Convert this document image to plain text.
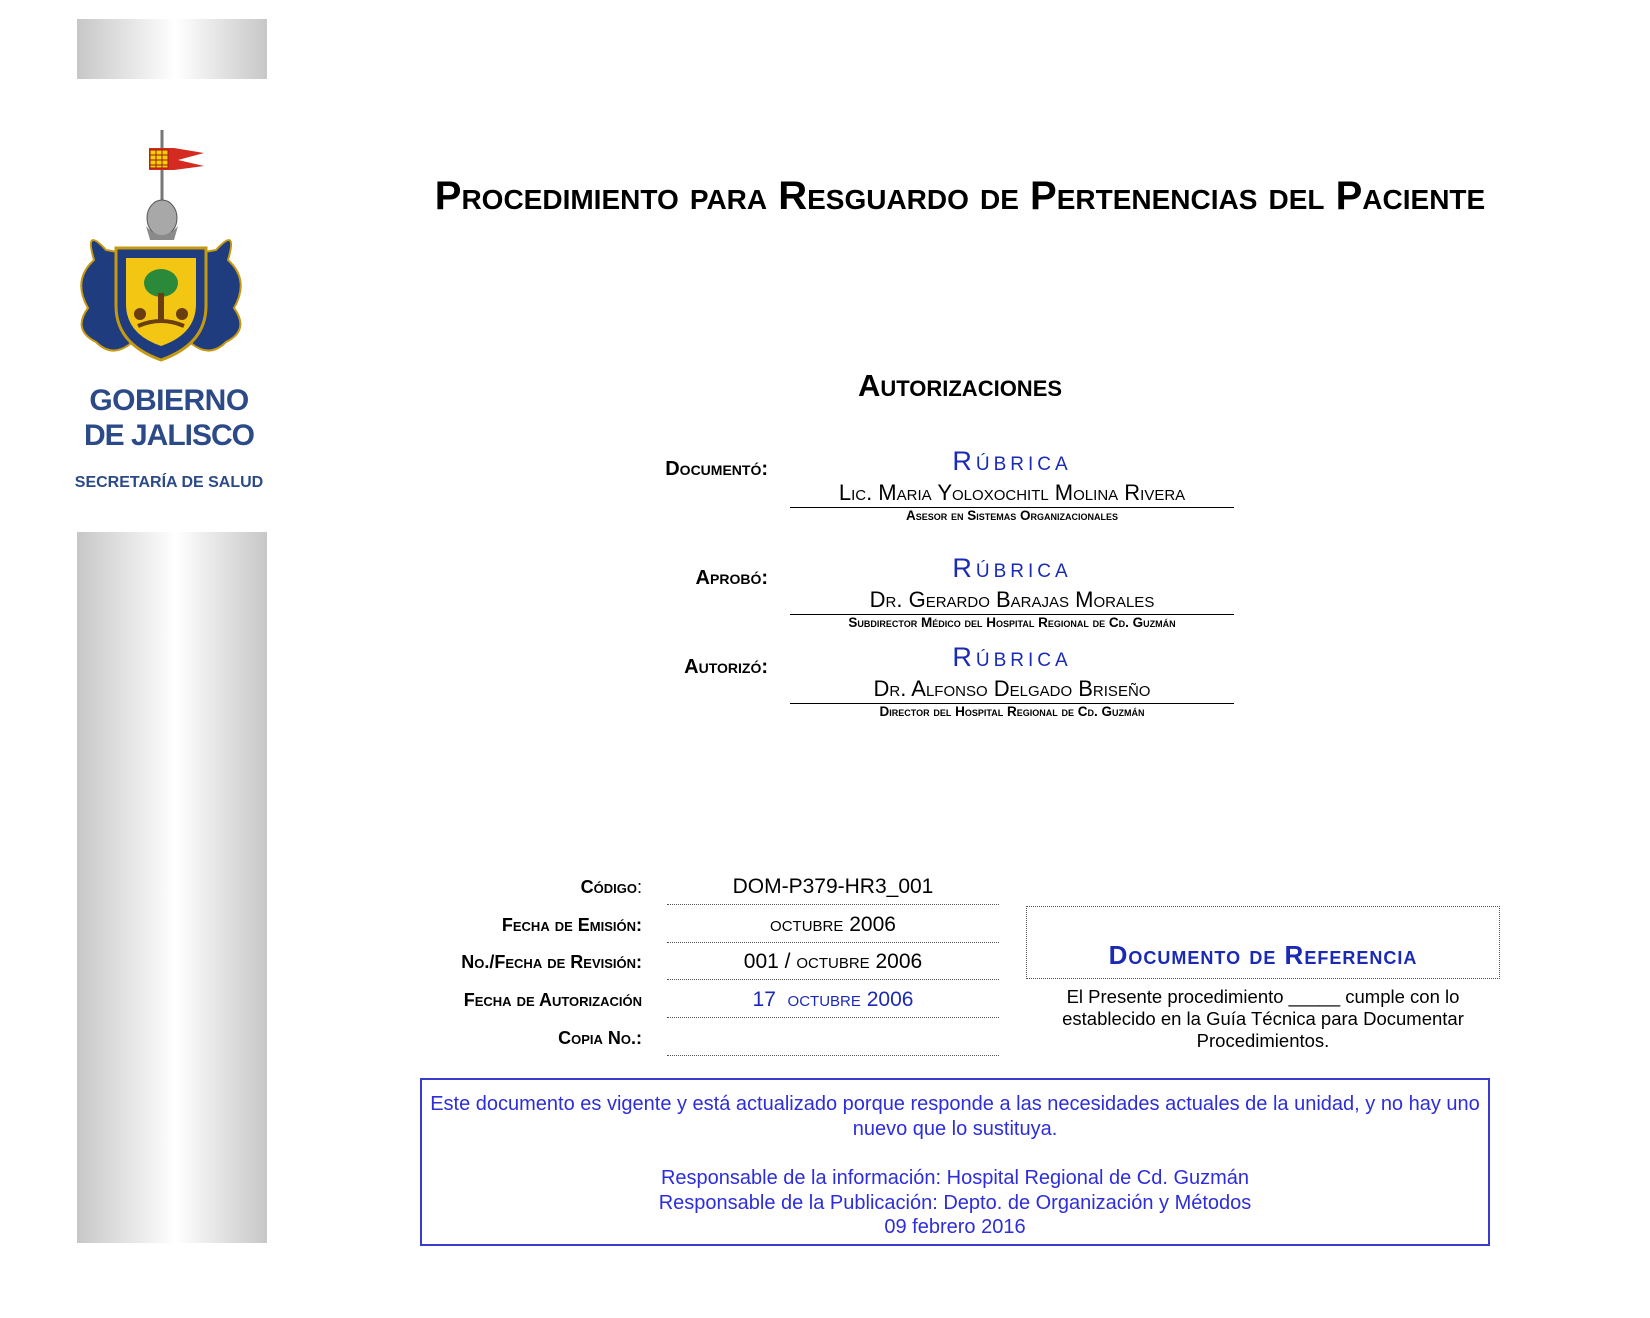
GOBIERNO
DE JALISCO
SECRETARÍA DE SALUD
Procedimiento para Resguardo de Pertenencias del Paciente
Autorizaciones
Documentó:	Rúbrica
Lic. Maria Yoloxochitl Molina Rivera
Asesor en Sistemas Organizacionales
Aprobó:	Rúbrica
Dr. Gerardo Barajas Morales
Subdirector Médico del Hospital Regional de Cd. Guzmán
Autorizó:	Rúbrica
Dr. Alfonso Delgado Briseño
Director del Hospital Regional de Cd. Guzmán
Código:	DOM-P379-HR3_001
Fecha de Emisión:	octubre 2006
No./Fecha de Revisión:	001 / octubre 2006
Fecha de Autorización	17  octubre 2006
Copia No.:
Documento de Referencia
El Presente procedimiento _____ cumple con lo establecido en la Guía Técnica para Documentar Procedimientos.

Este documento es vigente y está actualizado porque responde a las necesidades actuales de la unidad, y no hay uno nuevo que lo sustituya.

Responsable de la información: Hospital Regional de Cd. Guzmán

Responsable de la Publicación: Depto. de Organización y Métodos

09 febrero 2016
